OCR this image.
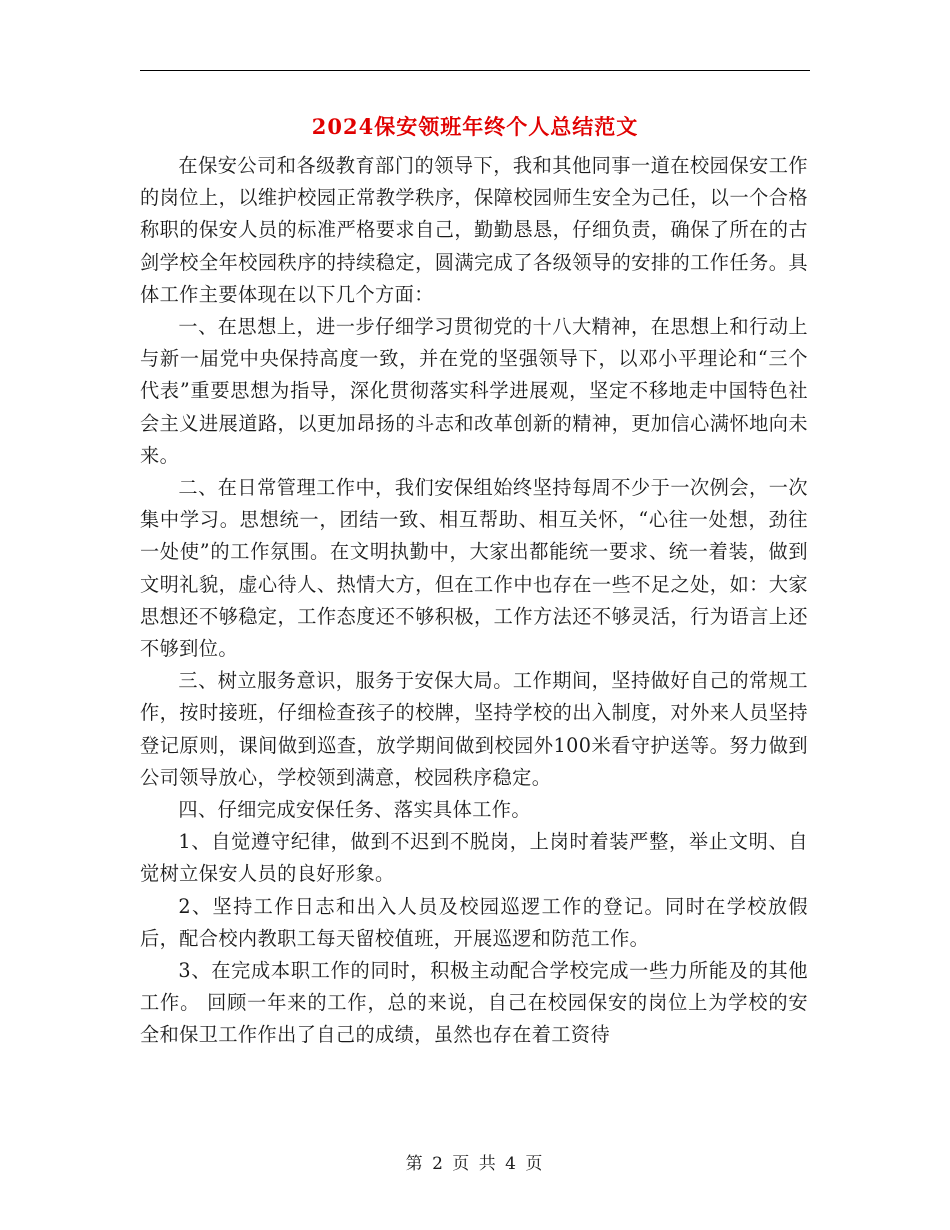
2024保安领班年终个人总结范文

在保安公司和各级教育部门的领导下，我和其他同事一道在校园保安工作的岗位上，以维护校园正常教学秩序，保障校园师生安全为己任，以一个合格称职的保安人员的标准严格要求自己，勤勤恳恳，仔细负责，确保了所在的古剑学校全年校园秩序的持续稳定，圆满完成了各级领导的安排的工作任务。具体工作主要体现在以下几个方面：

一、在思想上，进一步仔细学习贯彻党的十八大精神，在思想上和行动上与新一届党中央保持高度一致，并在党的坚强领导下，以邓小平理论和“三个代表”重要思想为指导，深化贯彻落实科学进展观，坚定不移地走中国特色社会主义进展道路，以更加昂扬的斗志和改革创新的精神，更加信心满怀地向未来。

二、在日常管理工作中，我们安保组始终坚持每周不少于一次例会，一次集中学习。思想统一，团结一致、相互帮助、相互关怀，“心往一处想，劲往一处使”的工作氛围。在文明执勤中，大家出都能统一要求、统一着装，做到文明礼貌，虚心待人、热情大方，但在工作中也存在一些不足之处，如：大家思想还不够稳定，工作态度还不够积极，工作方法还不够灵活，行为语言上还不够到位。

三、树立服务意识，服务于安保大局。工作期间，坚持做好自己的常规工作，按时接班，仔细检查孩子的校牌，坚持学校的出入制度，对外来人员坚持登记原则，课间做到巡查，放学期间做到校园外100米看守护送等。努力做到公司领导放心，学校领到满意，校园秩序稳定。

四、仔细完成安保任务、落实具体工作。

1、自觉遵守纪律，做到不迟到不脱岗，上岗时着装严整，举止文明、自觉树立保安人员的良好形象。

2、坚持工作日志和出入人员及校园巡逻工作的登记。同时在学校放假后，配合校内教职工每天留校值班，开展巡逻和防范工作。

3、在完成本职工作的同时，积极主动配合学校完成一些力所能及的其他工作。 回顾一年来的工作，总的来说，自己在校园保安的岗位上为学校的安全和保卫工作作出了自己的成绩，虽然也存在着工资待

第 2 页 共 4 页
